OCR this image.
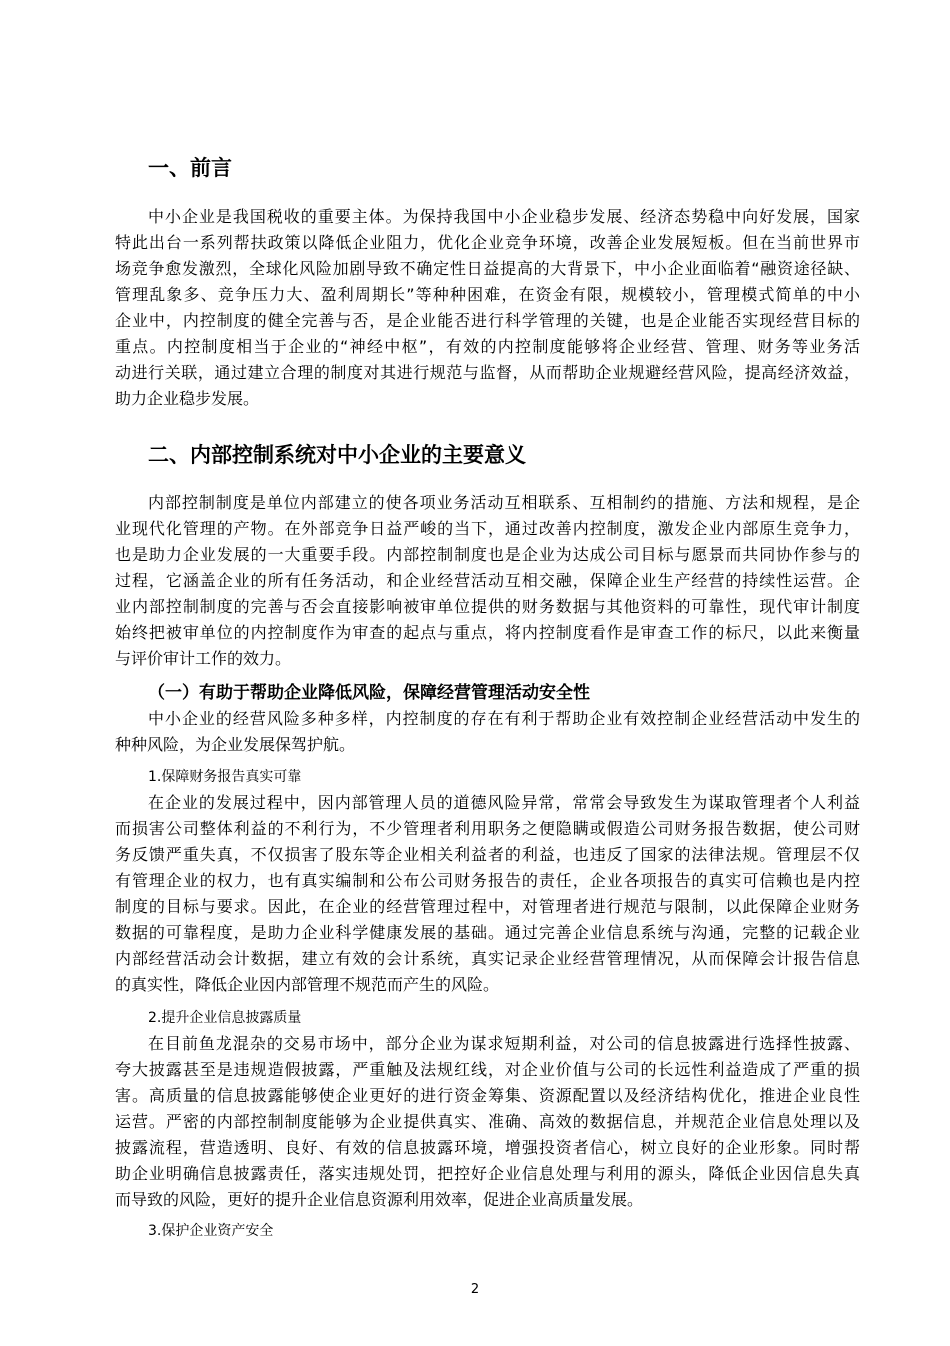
一、前言
中小企业是我国税收的重要主体。为保持我国中小企业稳步发展、经济态势稳中向好发展，国家
特此出台一系列帮扶政策以降低企业阻力，优化企业竞争环境，改善企业发展短板。但在当前世界市
场竞争愈发激烈，全球化风险加剧导致不确定性日益提高的大背景下，中小企业面临着“融资途径缺、
管理乱象多、竞争压力大、盈利周期长”等种种困难，在资金有限，规模较小，管理模式简单的中小
企业中，内控制度的健全完善与否，是企业能否进行科学管理的关键，也是企业能否实现经营目标的
重点。内控制度相当于企业的“神经中枢”，有效的内控制度能够将企业经营、管理、财务等业务活
动进行关联，通过建立合理的制度对其进行规范与监督，从而帮助企业规避经营风险，提高经济效益，
助力企业稳步发展。
二、内部控制系统对中小企业的主要意义
内部控制制度是单位内部建立的使各项业务活动互相联系、互相制约的措施、方法和规程，是企
业现代化管理的产物。在外部竞争日益严峻的当下，通过改善内控制度，激发企业内部原生竞争力，
也是助力企业发展的一大重要手段。内部控制制度也是企业为达成公司目标与愿景而共同协作参与的
过程，它涵盖企业的所有任务活动，和企业经营活动互相交融，保障企业生产经营的持续性运营。企
业内部控制制度的完善与否会直接影响被审单位提供的财务数据与其他资料的可靠性，现代审计制度
始终把被审单位的内控制度作为审查的起点与重点，将内控制度看作是审查工作的标尺，以此来衡量
与评价审计工作的效力。
（一）有助于帮助企业降低风险，保障经营管理活动安全性
中小企业的经营风险多种多样，内控制度的存在有利于帮助企业有效控制企业经营活动中发生的
种种风险，为企业发展保驾护航。
1.保障财务报告真实可靠
在企业的发展过程中，因内部管理人员的道德风险异常，常常会导致发生为谋取管理者个人利益
而损害公司整体利益的不利行为，不少管理者利用职务之便隐瞒或假造公司财务报告数据，使公司财
务反馈严重失真，不仅损害了股东等企业相关利益者的利益，也违反了国家的法律法规。管理层不仅
有管理企业的权力，也有真实编制和公布公司财务报告的责任，企业各项报告的真实可信赖也是内控
制度的目标与要求。因此，在企业的经营管理过程中，对管理者进行规范与限制，以此保障企业财务
数据的可靠程度，是助力企业科学健康发展的基础。通过完善企业信息系统与沟通，完整的记载企业
内部经营活动会计数据，建立有效的会计系统，真实记录企业经营管理情况，从而保障会计报告信息
的真实性，降低企业因内部管理不规范而产生的风险。
2.提升企业信息披露质量
在目前鱼龙混杂的交易市场中，部分企业为谋求短期利益，对公司的信息披露进行选择性披露、
夸大披露甚至是违规造假披露，严重触及法规红线，对企业价值与公司的长远性利益造成了严重的损
害。高质量的信息披露能够使企业更好的进行资金筹集、资源配置以及经济结构优化，推进企业良性
运营。严密的内部控制制度能够为企业提供真实、准确、高效的数据信息，并规范企业信息处理以及
披露流程，营造透明、良好、有效的信息披露环境，增强投资者信心，树立良好的企业形象。同时帮
助企业明确信息披露责任，落实违规处罚，把控好企业信息处理与利用的源头，降低企业因信息失真
而导致的风险，更好的提升企业信息资源利用效率，促进企业高质量发展。
3.保护企业资产安全
2
